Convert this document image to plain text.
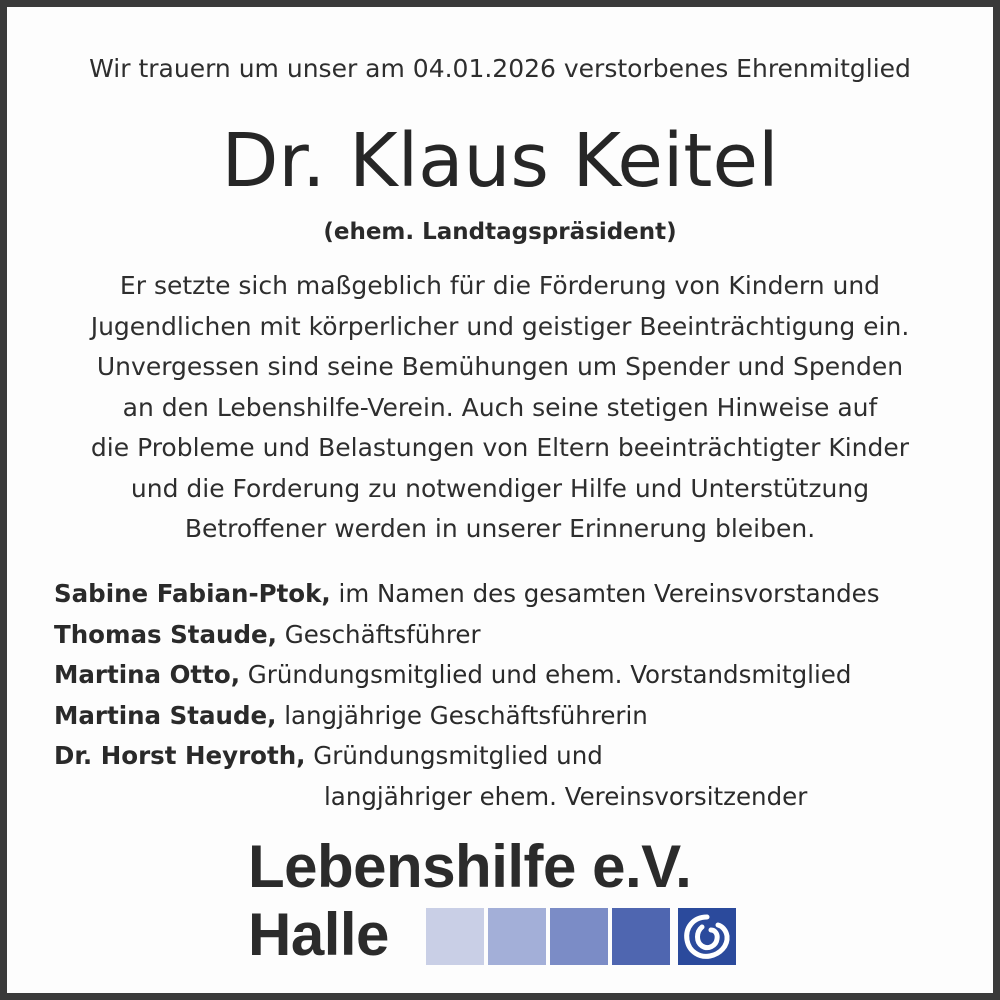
Wir trauern um unser am 04.01.2026 verstorbenes Ehrenmitglied
Dr. Klaus Keitel
(ehem. Landtagspräsident)
Er setzte sich maßgeblich für die Förderung von Kindern und
Jugendlichen mit körperlicher und geistiger Beeinträchtigung ein.
Unvergessen sind seine Bemühungen um Spender und Spenden
an den Lebenshilfe-Verein. Auch seine stetigen Hinweise auf
die Probleme und Belastungen von Eltern beeinträchtigter Kinder
und die Forderung zu notwendiger Hilfe und Unterstützung
Betroffener werden in unserer Erinnerung bleiben.
Sabine Fabian-Ptok, im Namen des gesamten Vereinsvorstandes
Thomas Staude, Geschäftsführer
Martina Otto, Gründungsmitglied und ehem. Vorstandsmitglied
Martina Staude, langjährige Geschäftsführerin
Dr. Horst Heyroth, Gründungsmitglied und
langjähriger ehem. Vereinsvorsitzender
Lebenshilfe e.V.
Halle
